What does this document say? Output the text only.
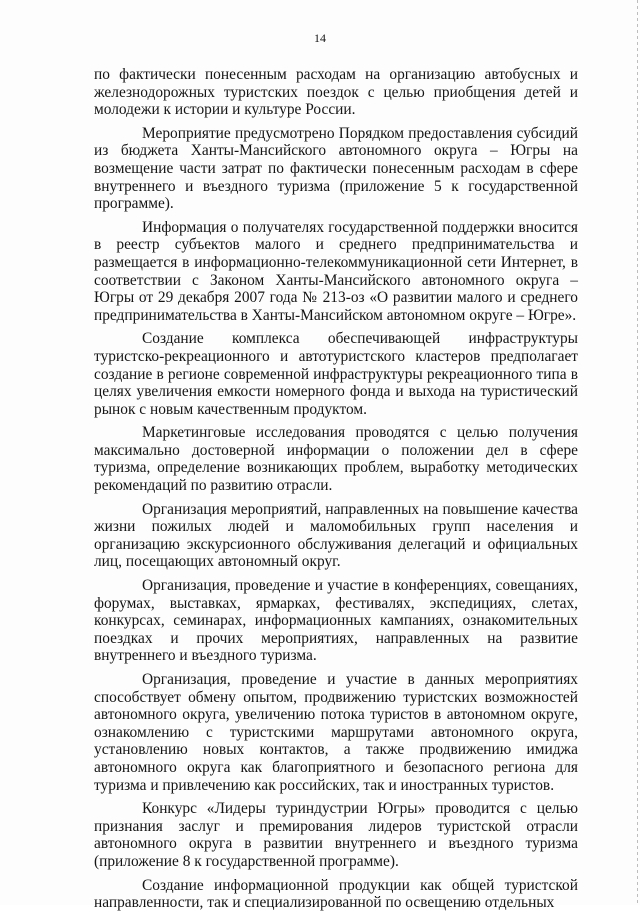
14

по фактически понесенным расходам на организацию автобусных и железнодорожных туристских поездок с целью приобщения детей и молодежи к истории и культуре России.

Мероприятие предусмотрено Порядком предоставления субсидий из бюджета Ханты-Мансийского автономного округа – Югры на возмещение части затрат по фактически понесенным расходам в сфере внутреннего и въездного туризма (приложение 5 к государственной программе).

Информация о получателях государственной поддержки вносится в реестр субъектов малого и среднего предпринимательства и размещается в информационно-телекоммуникационной сети Интернет, в соответствии с Законом Ханты-Мансийского автономного округа – Югры от 29 декабря 2007 года № 213-оз «О развитии малого и среднего предпринимательства в Ханты-Мансийском автономном округе – Югре».

Создание комплекса обеспечивающей инфраструктуры туристско-рекреационного и автотуристского кластеров предполагает создание в регионе современной инфраструктуры рекреационного типа в целях увеличения емкости номерного фонда и выхода на туристический рынок с новым качественным продуктом.

Маркетинговые исследования проводятся с целью получения максимально достоверной информации о положении дел в сфере туризма, определение возникающих проблем, выработку методических рекомендаций по развитию отрасли.

Организация мероприятий, направленных на повышение качества жизни пожилых людей и маломобильных групп населения и организацию экскурсионного обслуживания делегаций и официальных лиц, посещающих автономный округ.

Организация, проведение и участие в конференциях, совещаниях, форумах, выставках, ярмарках, фестивалях, экспедициях, слетах, конкурсах, семинарах, информационных кампаниях, ознакомительных поездках и прочих мероприятиях, направленных на развитие внутреннего и въездного туризма.

Организация, проведение и участие в данных мероприятиях способствует обмену опытом, продвижению туристских возможностей автономного округа, увеличению потока туристов в автономном округе, ознакомлению с туристскими маршрутами автономного округа, установлению новых контактов, а также продвижению имиджа автономного округа как благоприятного и безопасного региона для туризма и привлечению как российских, так и иностранных туристов.

Конкурс «Лидеры туриндустрии Югры» проводится с целью признания заслуг и премирования лидеров туристской отрасли автономного округа в развитии внутреннего и въездного туризма (приложение 8 к государственной программе).

Создание информационной продукции как общей туристской направленности, так и специализированной по освещению отдельных
